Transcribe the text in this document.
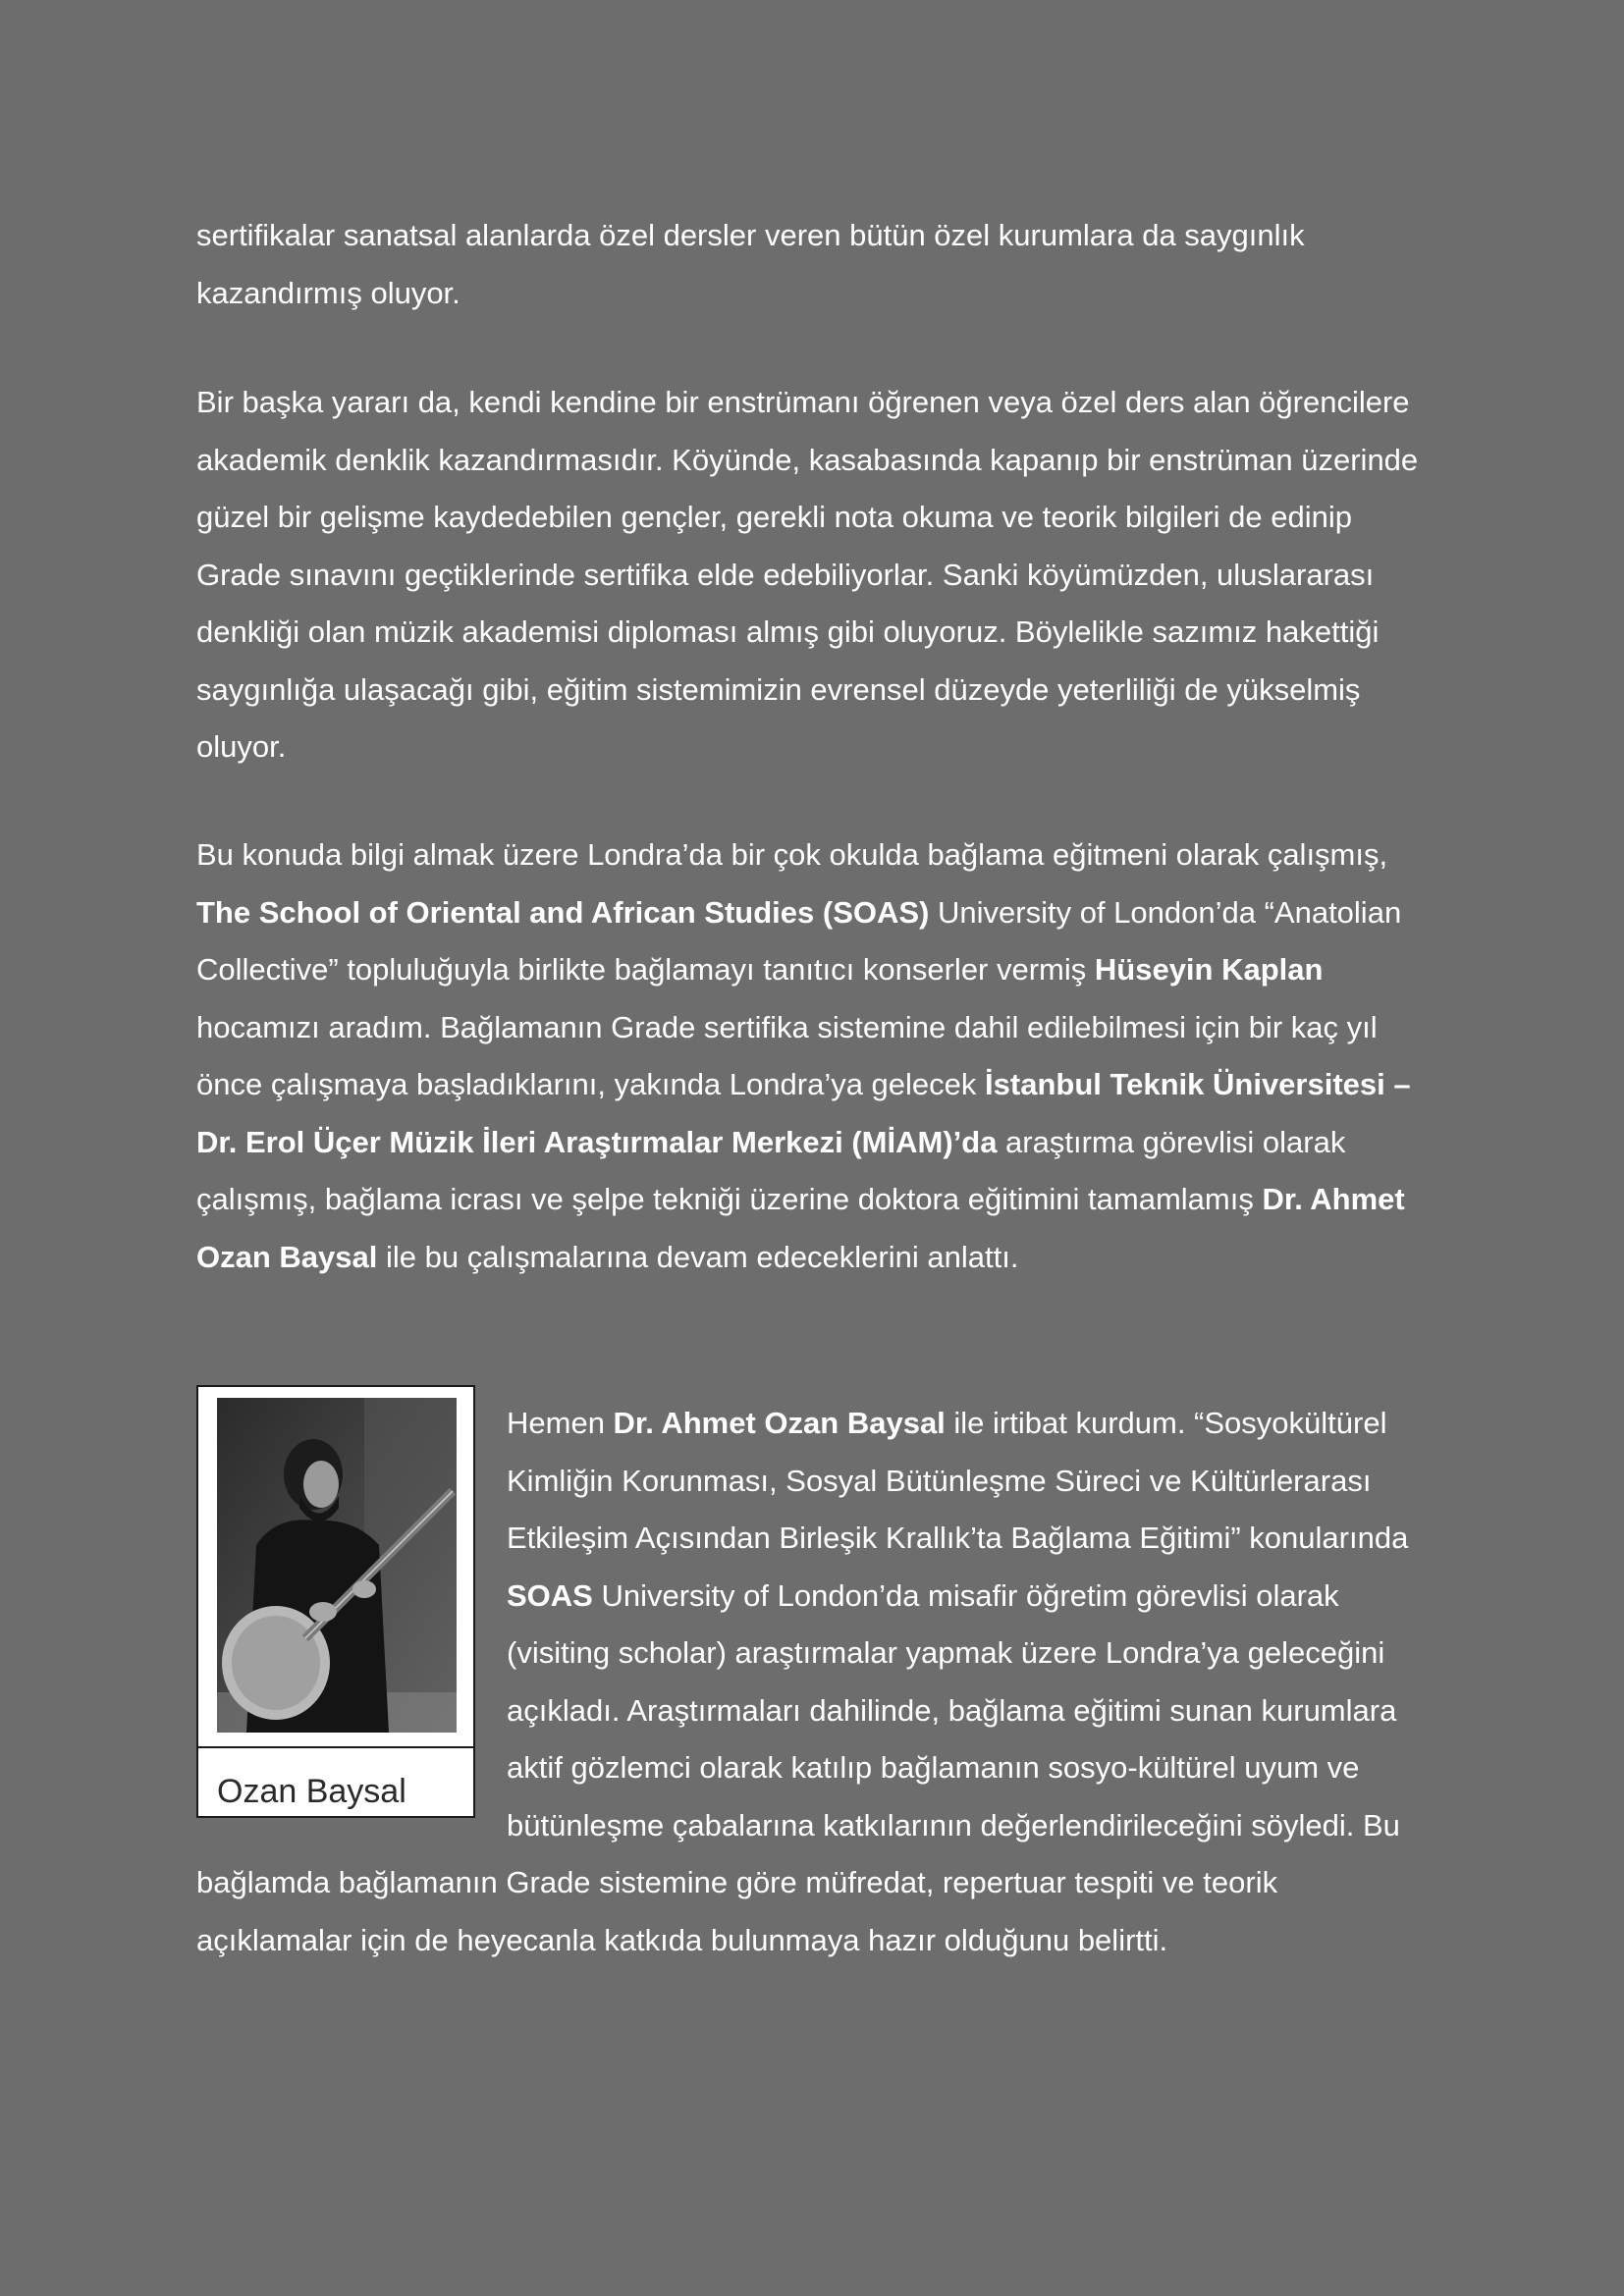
sertifikalar sanatsal alanlarda özel dersler veren bütün özel kurumlara da saygınlık
kazandırmış oluyor.

Bir başka yararı da, kendi kendine bir enstrümanı öğrenen veya özel ders alan öğrencilere akademik denklik kazandırmasıdır. Köyünde, kasabasında kapanıp bir enstrüman üzerinde güzel bir gelişme kaydedebilen gençler, gerekli nota okuma ve teorik bilgileri de edinip Grade sınavını geçtiklerinde sertifika elde edebiliyorlar. Sanki köyümüzden, uluslararası denkliği olan müzik akademisi diploması almış gibi oluyoruz. Böylelikle sazımız hakettiği saygınlığa ulaşacağı gibi, eğitim sistemimizin evrensel düzeyde yeterliliği de yükselmiş oluyor.

Bu konuda bilgi almak üzere Londra’da bir çok okulda bağlama eğitmeni olarak çalışmış, The School of Oriental and African Studies (SOAS) University of London’da “Anatolian Collective” topluluğuyla birlikte bağlamayı tanıtıcı konserler vermiş Hüseyin Kaplan hocamızı aradım. Bağlamanın Grade sertifika sistemine dahil edilebilmesi için bir kaç yıl önce çalışmaya başladıklarını, yakında Londra’ya gelecek İstanbul Teknik Üniversitesi – Dr. Erol Üçer Müzik İleri Araştırmalar Merkezi (MİAM)’da araştırma görevlisi olarak çalışmış, bağlama icrası ve şelpe tekniği üzerine doktora eğitimini tamamlamış Dr. Ahmet Ozan Baysal ile bu çalışmalarına devam edeceklerini anlattı.

Hemen Dr. Ahmet Ozan Baysal ile irtibat kurdum. “Sosyokültürel Kimliğin Korunması, Sosyal Bütünleşme Süreci ve Kültürlerarası Etkileşim Açısından Birleşik Krallık’ta Bağlama Eğitimi” konularında SOAS University of London’da misafir öğretim görevlisi olarak (visiting scholar) araştırmalar yapmak üzere Londra’ya geleceğini açıkladı. Araştırmaları dahilinde, bağlama eğitimi sunan kurumlara aktif gözlemci olarak katılıp bağlamanın sosyo-kültürel uyum ve bütünleşme çabalarına katkılarının değerlendirileceğini söyledi. Bu bağlamda bağlamanın Grade sistemine göre müfredat, repertuar tespiti ve teorik açıklamalar için de heyecanla katkıda bulunmaya hazır olduğunu belirtti.

Ozan Baysal
